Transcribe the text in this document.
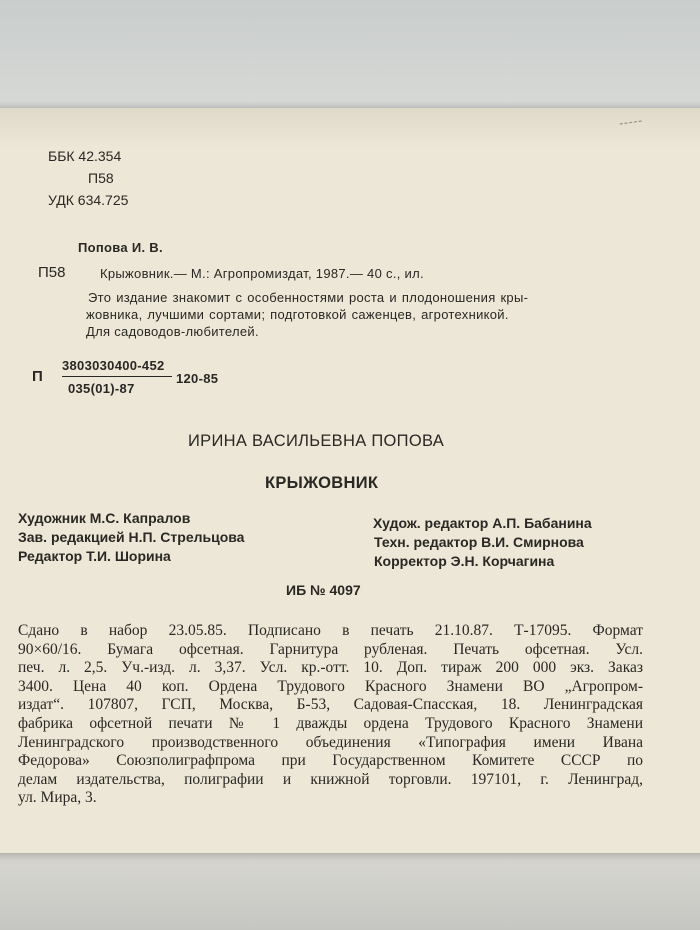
ББК 42.354
П58
УДК 634.725
Попова И. В.
П58	Крыжовник.— М.: Агропромиздат, 1987.— 40 с., ил.
Это издание знакомит с особенностями роста и плодоношения кры-
жовника, лучшими сортами; подготовкой саженцев, агротехникой.
Для садоводов-любителей.
П
3803030400-452
035(01)-87
120-85
ИРИНА ВАСИЛЬЕВНА ПОПОВА
КРЫЖОВНИК
Художник М.С. Капралов
Зав. редакцией Н.П. Стрельцова
Редактор Т.И. Шорина
Худож. редактор А.П. Бабанина
Техн. редактор В.И. Смирнова
Корректор Э.Н. Корчагина
ИБ № 4097
Сдано в набор 23.05.85. Подписано в печать 21.10.87. Т-17095. Формат
90×60/16. Бумага офсетная. Гарнитура рубленая. Печать офсетная. Усл.
печ. л. 2,5. Уч.-изд. л. 3,37. Усл. кр.-отт. 10. Доп. тираж 200 000 экз. Заказ
3400. Цена 40 коп. Ордена Трудового Красного Знамени ВО „Агропром-
издат“. 107807, ГСП, Москва, Б-53, Садовая-Спасская, 18. Ленинградская
фабрика офсетной печати № 1 дважды ордена Трудового Красного Знамени
Ленинградского производственного объединения «Типография имени Ивана
Федорова» Союзполиграфпрома при Государственном Комитете СССР по
делам издательства, полиграфии и книжной торговли. 197101, г. Ленинград,
ул. Мира, 3.
